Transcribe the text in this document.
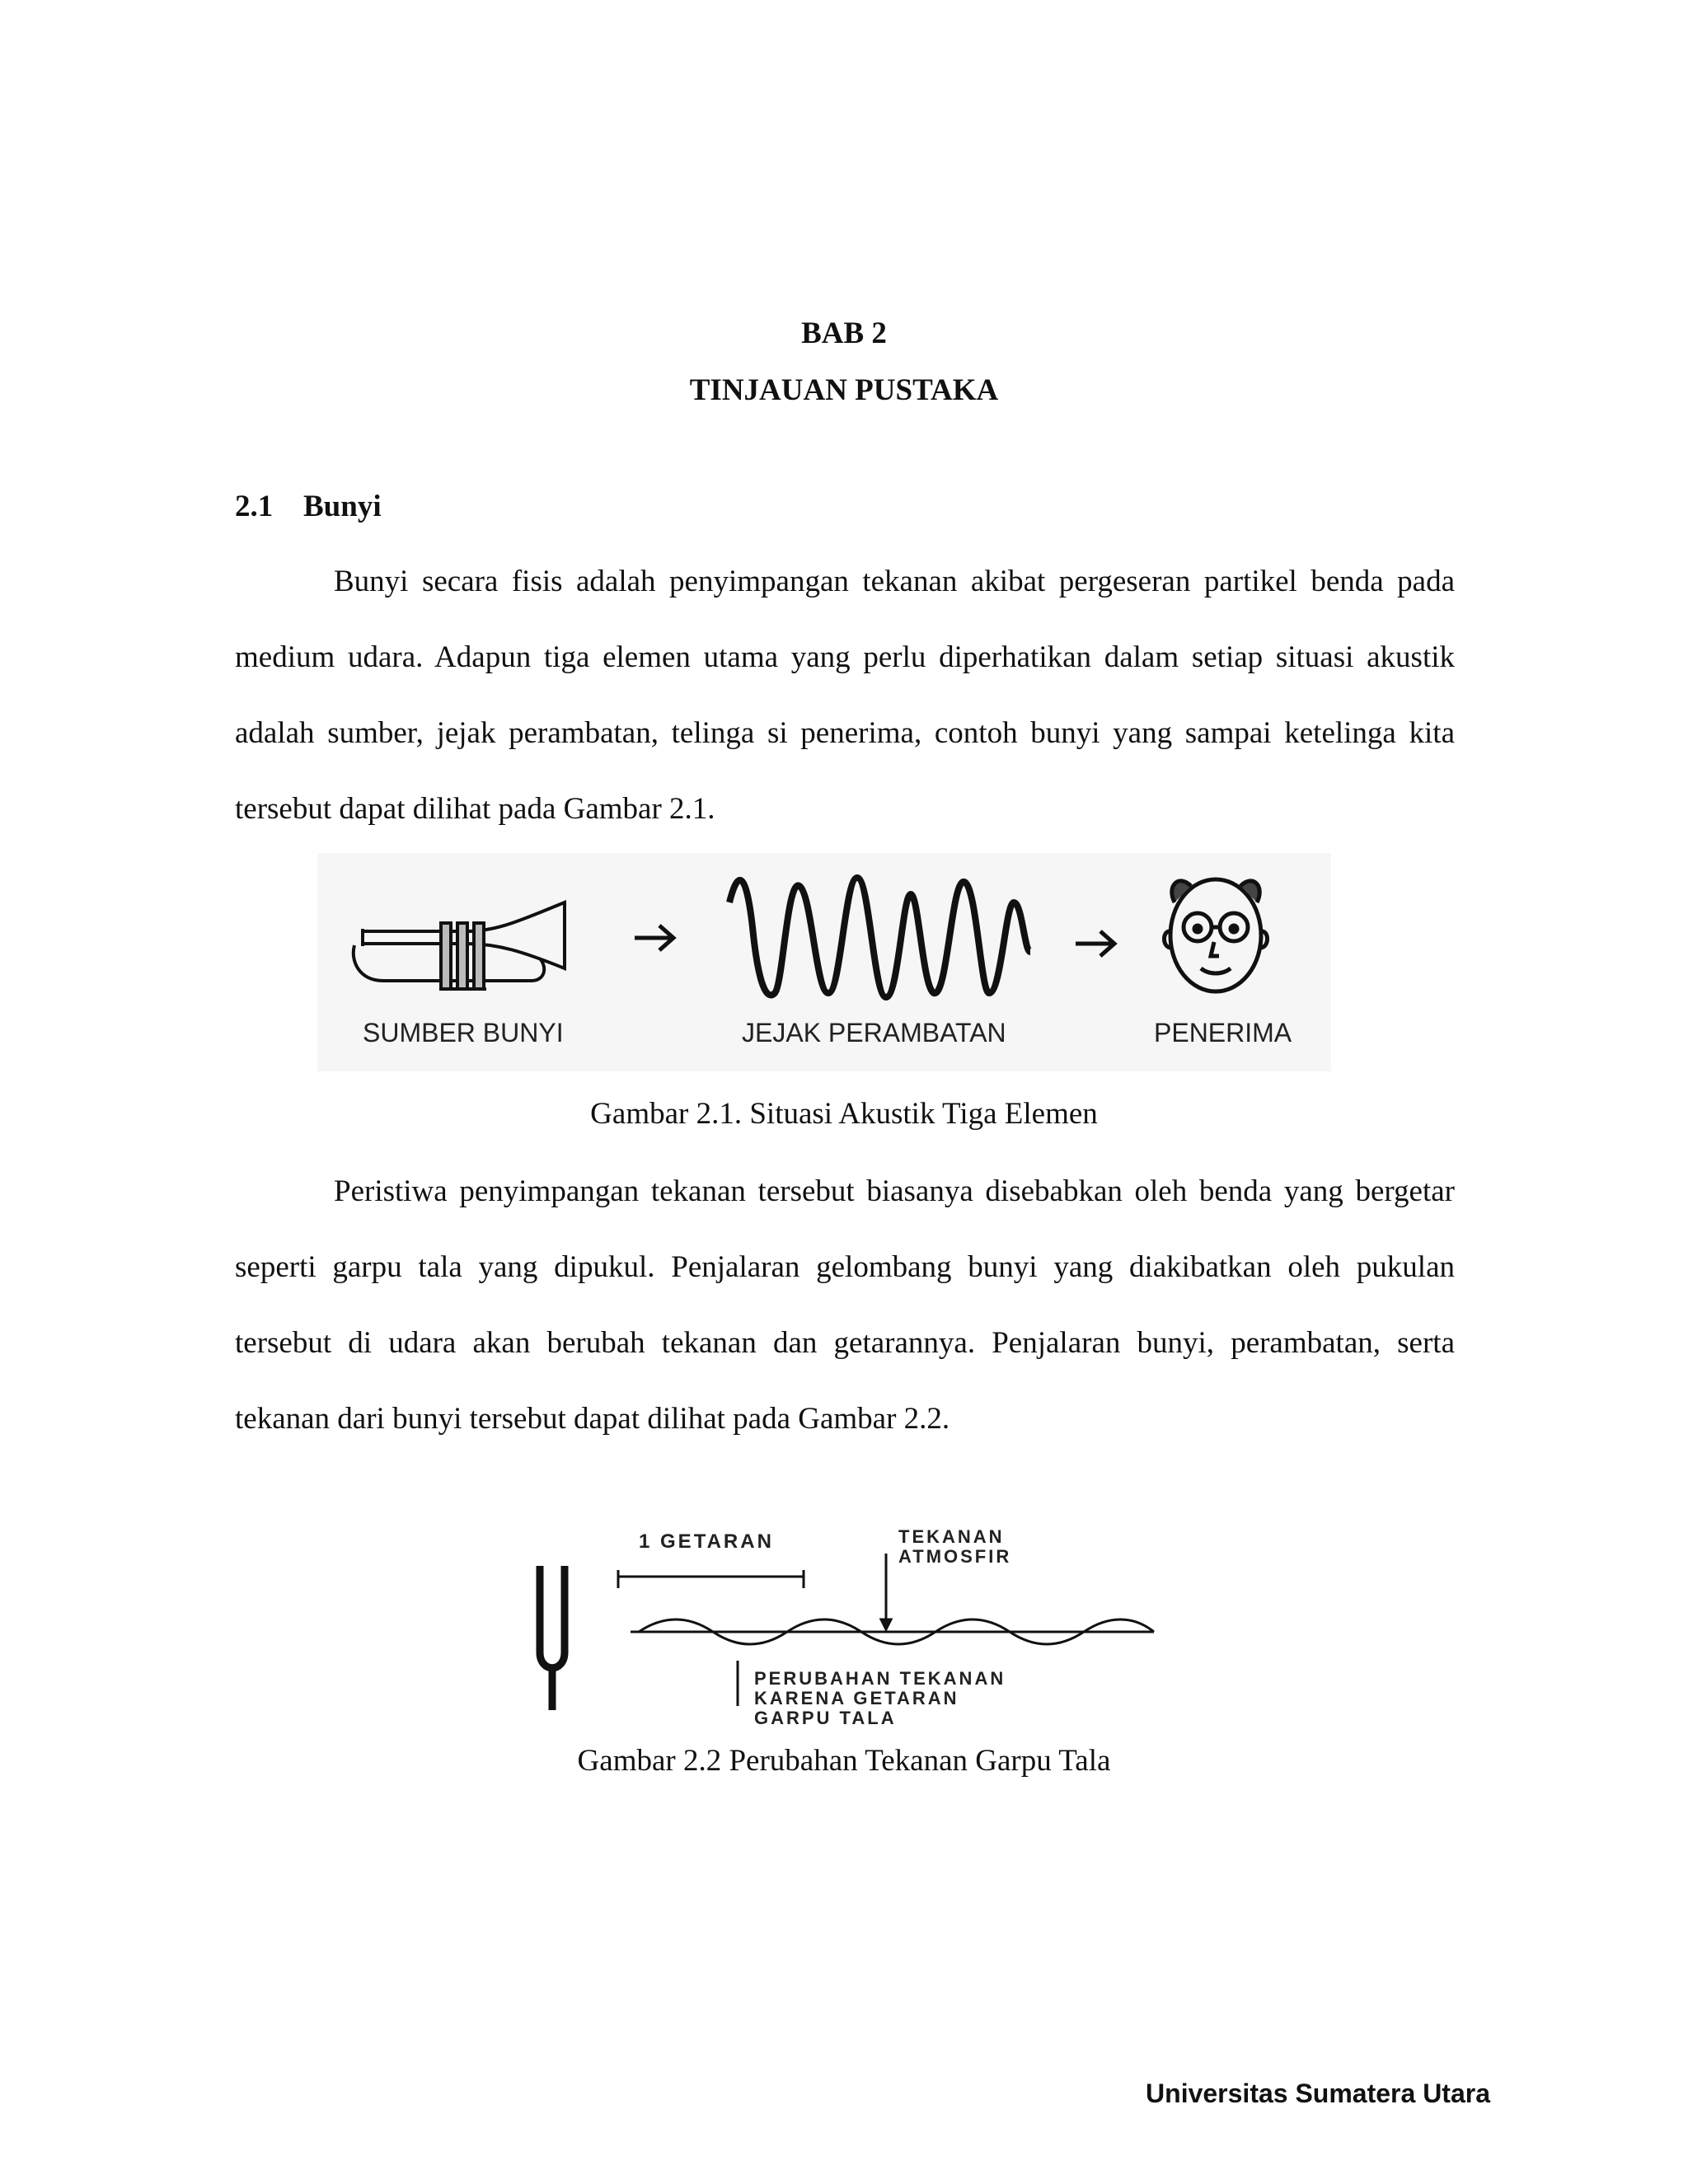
BAB 2
TINJAUAN PUSTAKA
2.1 Bunyi

Bunyi secara fisis adalah penyimpangan tekanan akibat pergeseran partikel benda pada medium udara. Adapun tiga elemen utama yang perlu diperhatikan dalam setiap situasi akustik adalah sumber, jejak perambatan, telinga si penerima, contoh bunyi yang sampai ketelinga kita tersebut dapat dilihat pada Gambar 2.1.

SUMBER BUNYI	JEJAK PERAMBATAN	PENERIMA
Gambar 2.1. Situasi Akustik Tiga Elemen

Peristiwa penyimpangan tekanan tersebut biasanya disebabkan oleh benda yang bergetar seperti garpu tala yang dipukul. Penjalaran gelombang bunyi yang diakibatkan oleh pukulan tersebut di udara akan berubah tekanan dan getarannya. Penjalaran bunyi, perambatan, serta tekanan dari bunyi tersebut dapat dilihat pada Gambar 2.2.

1 GETARAN	TEKANAN
ATMOSFIR
PERUBAHAN TEKANAN
KARENA GETARAN
GARPU TALA
Gambar 2.2 Perubahan Tekanan Garpu Tala
Universitas Sumatera Utara
